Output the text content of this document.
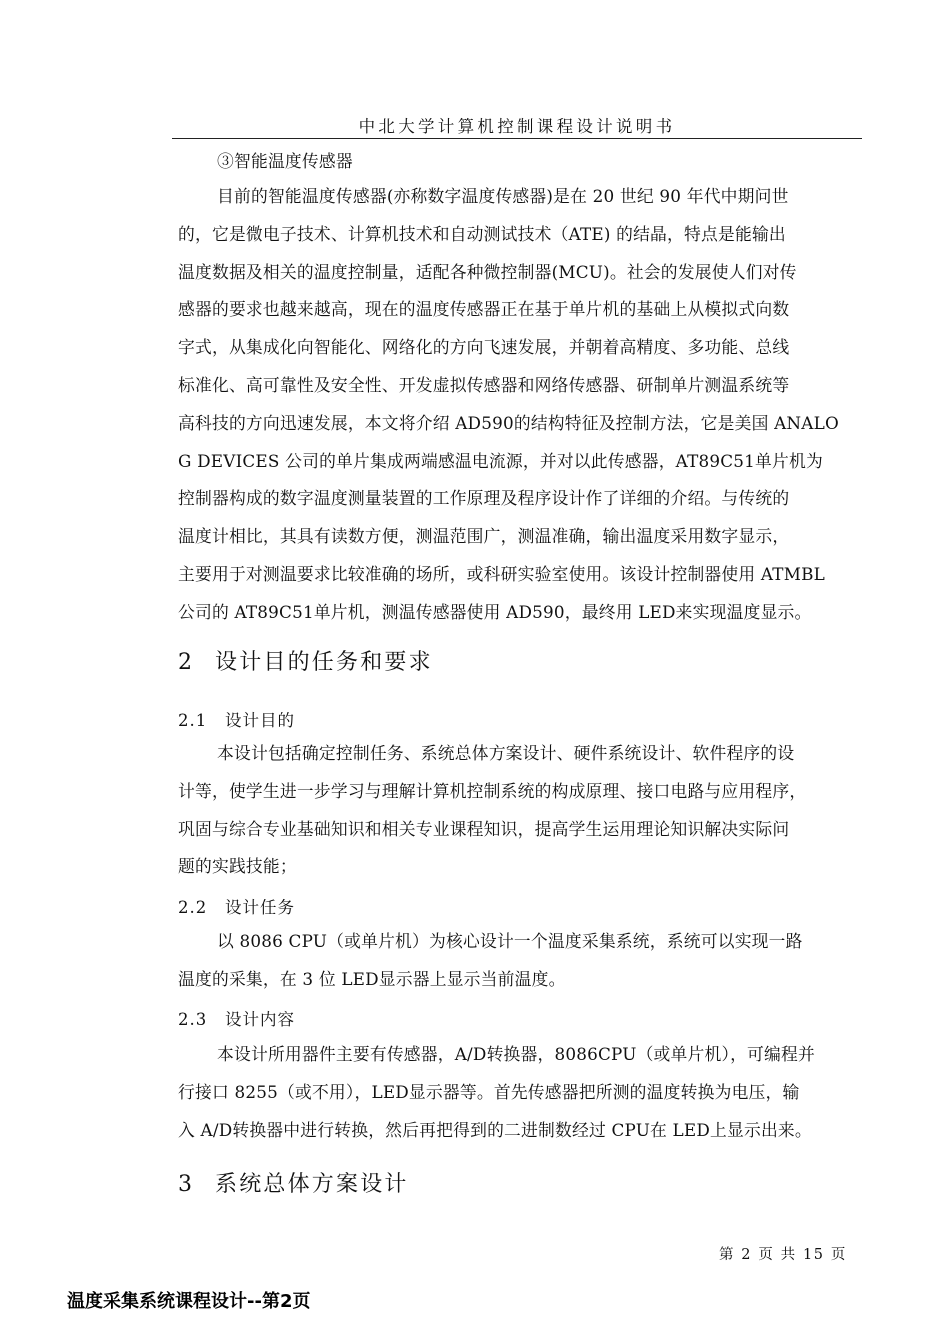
中北大学计算机控制课程设计说明书
③智能温度传感器
目前的智能温度传感器(亦称数字温度传感器)是在 20 世纪 90 年代中期问世
的，它是微电子技术、计算机技术和自动测试技术（ATE) 的结晶，特点是能输出
温度数据及相关的温度控制量，适配各种微控制器(MCU)。社会的发展使人们对传
感器的要求也越来越高，现在的温度传感器正在基于单片机的基础上从模拟式向数
字式，从集成化向智能化、网络化的方向飞速发展，并朝着高精度、多功能、总线
标准化、高可靠性及安全性、开发虚拟传感器和网络传感器、研制单片测温系统等
高科技的方向迅速发展，本文将介绍 AD590的结构特征及控制方法，它是美国 ANALO
G DEVICES 公司的单片集成两端感温电流源，并对以此传感器，AT89C51单片机为
控制器构成的数字温度测量装置的工作原理及程序设计作了详细的介绍。与传统的
温度计相比，其具有读数方便，测温范围广，测温准确，输出温度采用数字显示，
主要用于对测温要求比较准确的场所，或科研实验室使用。该设计控制器使用 ATMBL
公司的 AT89C51单片机，测温传感器使用 AD590，最终用 LED来实现温度显示。
2 设计目的任务和要求
2.1 设计目的
本设计包括确定控制任务、系统总体方案设计、硬件系统设计、软件程序的设
计等，使学生进一步学习与理解计算机控制系统的构成原理、接口电路与应用程序，
巩固与综合专业基础知识和相关专业课程知识，提高学生运用理论知识解决实际问
题的实践技能；
2.2 设计任务
以 8086 CPU（或单片机）为核心设计一个温度采集系统，系统可以实现一路
温度的采集，在 3 位 LED显示器上显示当前温度。
2.3 设计内容
本设计所用器件主要有传感器，A/D转换器，8086CPU（或单片机），可编程并
行接口 8255（或不用），LED显示器等。首先传感器把所测的温度转换为电压，输
入 A/D转换器中进行转换，然后再把得到的二进制数经过 CPU在 LED上显示出来。
3 系统总体方案设计
第 2 页 共 15 页
温度采集系统课程设计--第2页
